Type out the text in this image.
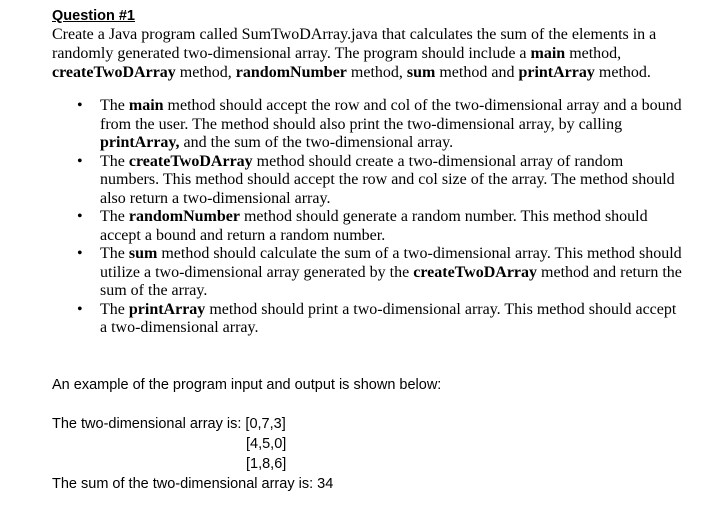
Question #1

Create a Java program called SumTwoDArray.java that calculates the sum of the elements in a randomly generated two-dimensional array. The program should include a main method, createTwoDArray method, randomNumber method, sum method and printArray method.

• The main method should accept the row and col of the two-dimensional array and a bound from the user. The method should also print the two-dimensional array, by calling printArray, and the sum of the two-dimensional array.
• The createTwoDArray method should create a two-dimensional array of random numbers. This method should accept the row and col size of the array. The method should also return a two-dimensional array.
• The randomNumber method should generate a random number. This method should accept a bound and return a random number.
• The sum method should calculate the sum of a two-dimensional array. This method should utilize a two-dimensional array generated by the createTwoDArray method and return the sum of the array.
• The printArray method should print a two-dimensional array. This method should accept a two-dimensional array.

An example of the program input and output is shown below:

The two-dimensional array is: [0,7,3]

[4,5,0]

[1,8,6]

The sum of the two-dimensional array is: 34
